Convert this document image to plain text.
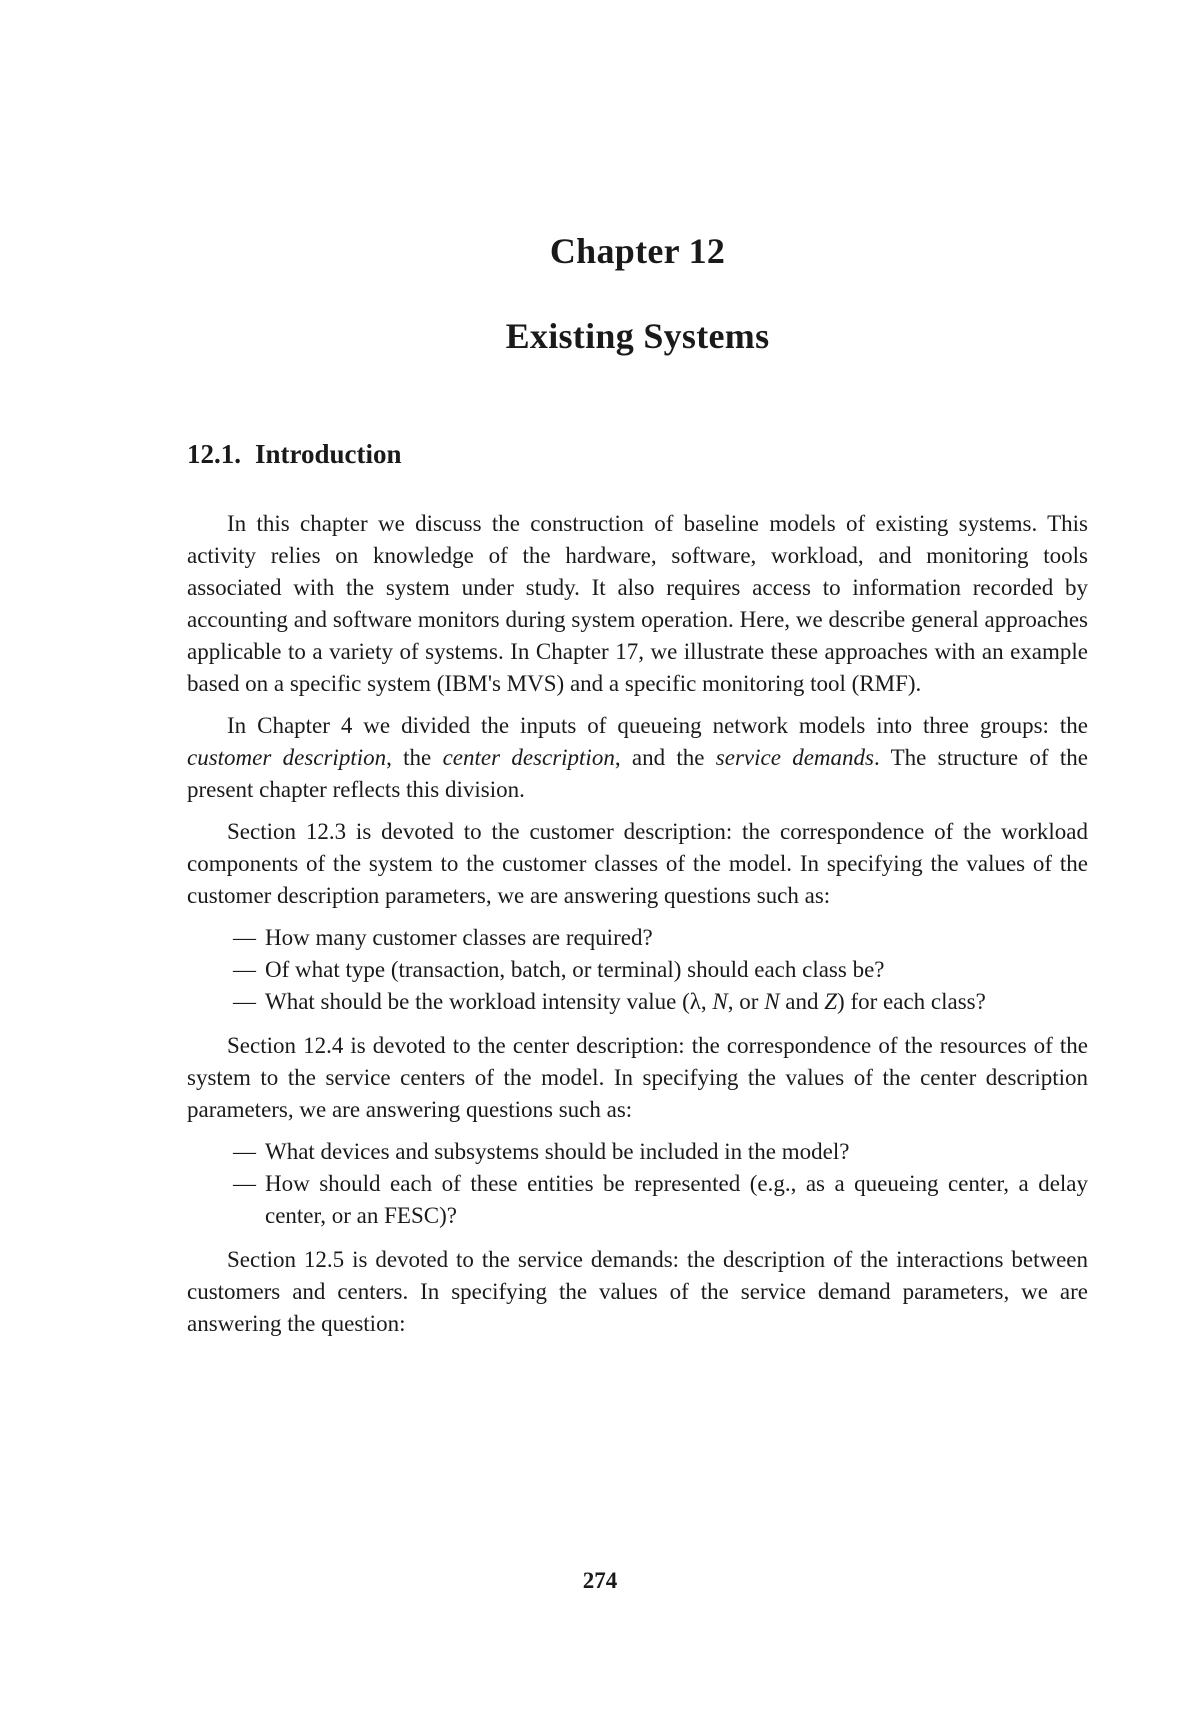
Chapter 12
Existing Systems
12.1. Introduction

In this chapter we discuss the construction of baseline models of existing systems. This activity relies on knowledge of the hardware, software, workload, and monitoring tools associated with the system under study. It also requires access to information recorded by accounting and software monitors during system operation. Here, we describe general approaches applicable to a variety of systems. In Chapter 17, we illustrate these approaches with an example based on a specific system (IBM's MVS) and a specific monitoring tool (RMF).

In Chapter 4 we divided the inputs of queueing network models into three groups: the customer description, the center description, and the service demands. The structure of the present chapter reflects this division.

Section 12.3 is devoted to the customer description: the correspondence of the workload components of the system to the customer classes of the model. In specifying the values of the customer description parameters, we are answering questions such as:

— How many customer classes are required?
— Of what type (transaction, batch, or terminal) should each class be?
— What should be the workload intensity value (λ, N, or N and Z) for each class?

Section 12.4 is devoted to the center description: the correspondence of the resources of the system to the service centers of the model. In specifying the values of the center description parameters, we are answering questions such as:

— What devices and subsystems should be included in the model?
— How should each of these entities be represented (e.g., as a queueing center, a delay center, or an FESC)?

Section 12.5 is devoted to the service demands: the description of the interactions between customers and centers. In specifying the values of the service demand parameters, we are answering the question:

274
